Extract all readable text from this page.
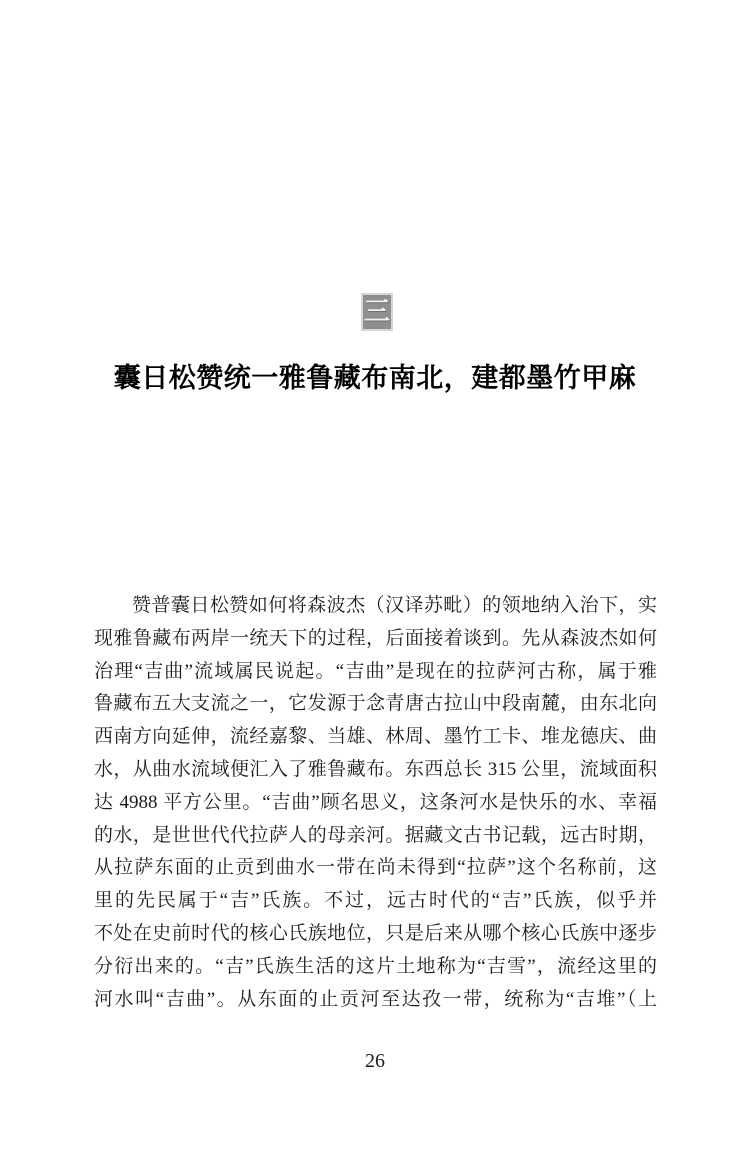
三
囊日松赞统一雅鲁藏布南北，建都墨竹甲麻
赞普囊日松赞如何将森波杰（汉译苏毗）的领地纳入治下，实
现雅鲁藏布两岸一统天下的过程，后面接着谈到。先从森波杰如何
治理“吉曲”流域属民说起。“吉曲”是现在的拉萨河古称，属于雅
鲁藏布五大支流之一，它发源于念青唐古拉山中段南麓，由东北向
西南方向延伸，流经嘉黎、当雄、林周、墨竹工卡、堆龙德庆、曲
水，从曲水流域便汇入了雅鲁藏布。东西总长 315 公里，流域面积
达 4988 平方公里。“吉曲”顾名思义，这条河水是快乐的水、幸福
的水，是世世代代拉萨人的母亲河。据藏文古书记载，远古时期，
从拉萨东面的止贡到曲水一带在尚未得到“拉萨”这个名称前，这
里的先民属于“吉”氏族。不过，远古时代的“吉”氏族，似乎并
不处在史前时代的核心氏族地位，只是后来从哪个核心氏族中逐步
分衍出来的。“吉”氏族生活的这片土地称为“吉雪”，流经这里的
河水叫“吉曲”。从东面的止贡河至达孜一带，统称为“吉堆”（上
26
